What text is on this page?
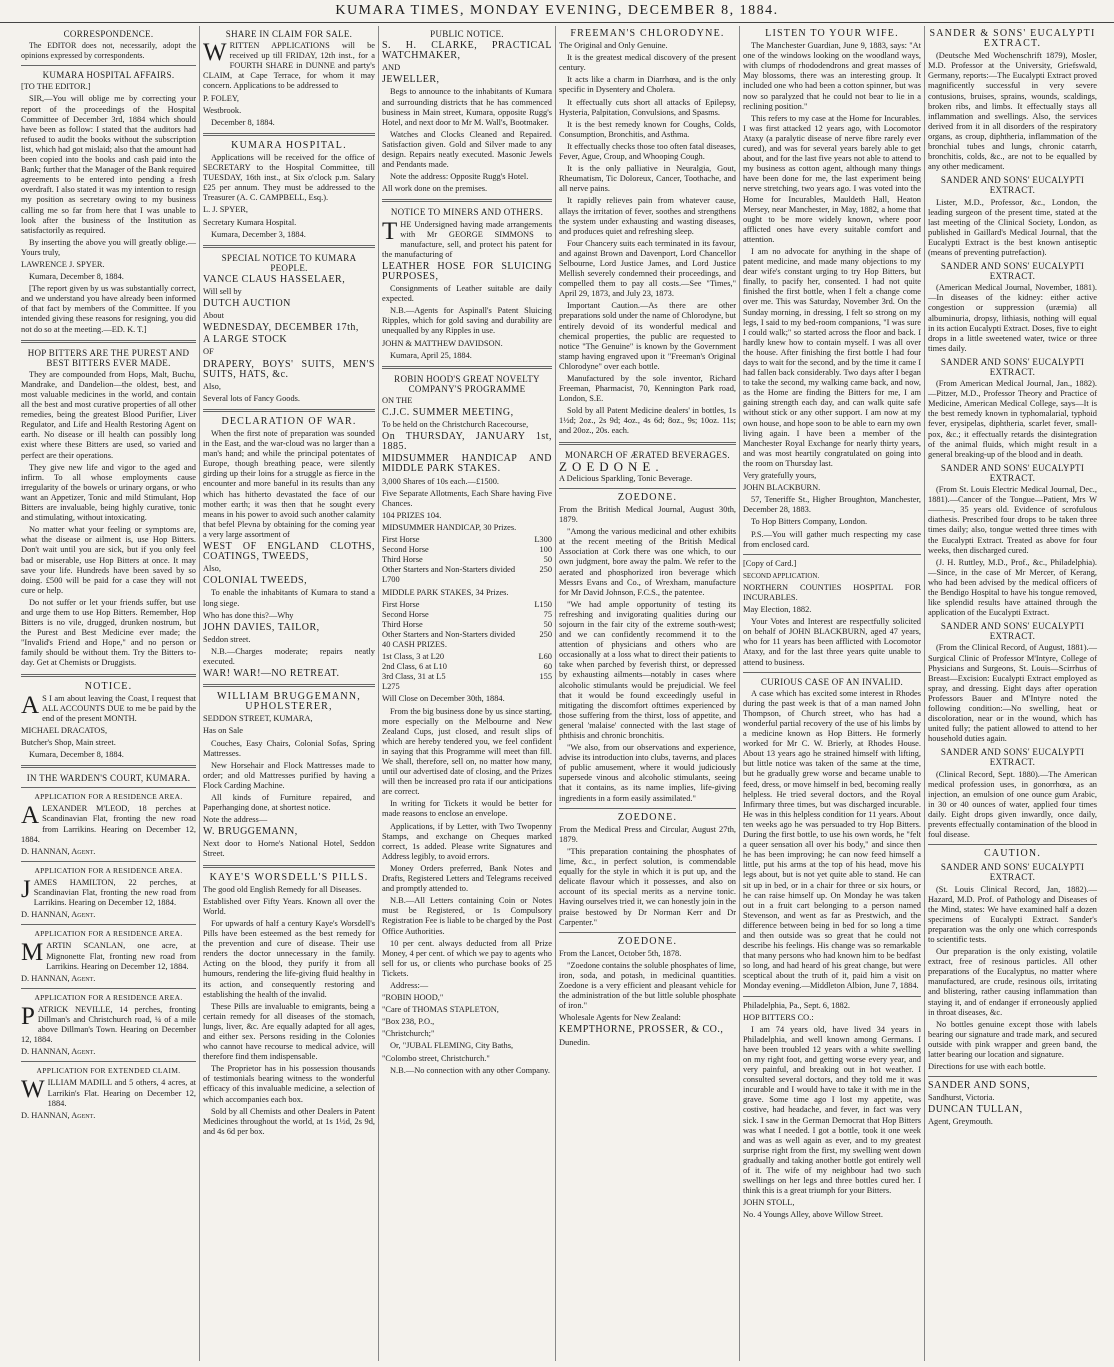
KUMARA TIMES, MONDAY EVENING, DECEMBER 8, 1884.
CORRESPONDENCE.

The EDITOR does not, necessarily, adopt the opinions expressed by correspondents.

KUMARA HOSPITAL AFFAIRS.

[TO THE EDITOR.]

SIR,—You will oblige me by correcting your report of the proceedings of the Hospital Committee of December 3rd, 1884 which should have been as follow: I stated that the auditors had refused to audit the books without the subscription list, which had got mislaid; also that the amount had been copied into the books and cash paid into the Bank; further that the Manager of the Bank required agreements to be entered into pending a fresh overdraft. I also stated it was my intention to resign my position as secretary owing to my business calling me so far from here that I was unable to look after the business of the Institution as satisfactorily as required.

By inserting the above you will greatly oblige.—Yours truly,

LAWRENCE J. SPYER.

Kumara, December 8, 1884.

[The report given by us was substantially correct, and we understand you have already been informed of that fact by members of the Committee. If you intended giving these reasons for resigning, you did not do so at the meeting.—ED. K. T.]

HOP BITTERS ARE THE PUREST AND BEST BITTERS EVER MADE.

They are compounded from Hops, Malt, Buchu, Mandrake, and Dandelion—the oldest, best, and most valuable medicines in the world, and contain all the best and most curative properties of all other remedies, being the greatest Blood Purifier, Liver Regulator, and Life and Health Restoring Agent on earth. No disease or ill health can possibly long exist where these Bitters are used, so varied and perfect are their operations.

They give new life and vigor to the aged and infirm. To all whose employments cause irregularity of the bowels or urinary organs, or who want an Appetizer, Tonic and mild Stimulant, Hop Bitters are invaluable, being highly curative, tonic and stimulating, without intoxicating.

No matter what your feeling or symptoms are, what the disease or ailment is, use Hop Bitters. Don't wait until you are sick, but if you only feel bad or miserable, use Hop Bitters at once. It may save your life. Hundreds have been saved by so doing. £500 will be paid for a case they will not cure or help.

Do not suffer or let your friends suffer, but use and urge them to use Hop Bitters. Remember, Hop Bitters is no vile, drugged, drunken nostrum, but the Purest and Best Medicine ever made; the "Invalid's Friend and Hope," and no person or family should be without them. Try the Bitters to-day. Get at Chemists or Druggists.

NOTICE.

AS I am about leaving the Coast, I request that ALL ACCOUNTS DUE to me be paid by the end of the present MONTH.

MICHAEL DRACATOS,

Butcher's Shop, Main street.

Kumara, December 8, 1884.

IN THE WARDEN'S COURT, KUMARA.
APPLICATION FOR A RESIDENCE AREA.

ALEXANDER M'LEOD, 18 perches at Scandinavian Flat, fronting the new road from Larrikins. Hearing on December 12, 1884.

D. HANNAN, Agent.

APPLICATION FOR A RESIDENCE AREA.

JAMES HAMILTON, 22 perches, at Scandinavian Flat, fronting the new road from Larrikins. Hearing on December 12, 1884.

D. HANNAN, Agent.

APPLICATION FOR A RESIDENCE AREA.

MARTIN SCANLAN, one acre, at Mignonette Flat, fronting new road from Larrikins. Hearing on December 12, 1884.

D. HANNAN, Agent.

APPLICATION FOR A RESIDENCE AREA.

PATRICK NEVILLE, 14 perches, fronting Dillman's and Christchurch road, ¼ of a mile above Dillman's Town. Hearing on December 12, 1884.

D. HANNAN, Agent.

APPLICATION FOR EXTENDED CLAIM.

WILLIAM MADILL and 5 others, 4 acres, at Larrikin's Flat. Hearing on December 12, 1884.

D. HANNAN, Agent.

SHARE IN CLAIM FOR SALE.

WRITTEN APPLICATIONS will be received up till FRIDAY, 12th inst., for a FOURTH SHARE in DUNNE and party's CLAIM, at Cape Terrace, for whom it may concern. Applications to be addressed to

P. FOLEY,

Westbrook.

December 8, 1884.

KUMARA HOSPITAL.

Applications will be received for the office of SECRETARY to the Hospital Committee, till TUESDAY, 16th inst., at Six o'clock p.m. Salary £25 per annum. They must be addressed to the Treasurer (A. C. CAMPBELL, Esq.).

L. J. SPYER,

Secretary Kumara Hospital.

Kumara, December 3, 1884.

SPECIAL NOTICE TO KUMARA PEOPLE.

VANCE CLAUS HASSELAER,

Will sell by

DUTCH AUCTION

About

WEDNESDAY, DECEMBER 17th,

A LARGE STOCK

OF

DRAPERY, BOYS' SUITS, MEN'S SUITS, HATS, &c.

Also,

Several lots of Fancy Goods.

DECLARATION OF WAR.

When the first note of preparation was sounded in the East, and the war-cloud was no larger than a man's hand; and while the principal potentates of Europe, though breathing peace, were silently girding up their loins for a struggle as fierce in the encounter and more baneful in its results than any which has hitherto devastated the face of our mother earth; it was then that he sought every means in his power to avoid such another calamity that befel Plevna by obtaining for the coming year a very large assortment of

WEST OF ENGLAND CLOTHS, COATINGS, TWEEDS,

Also,

COLONIAL TWEEDS,

To enable the inhabitants of Kumara to stand a long siege.

Who has done this?—Why

JOHN DAVIES, TAILOR,

Seddon street.

N.B.—Charges moderate; repairs neatly executed.

WAR! WAR!—NO RETREAT.

WILLIAM BRUGGEMANN, UPHOLSTERER,

SEDDON STREET, KUMARA,

Has on Sale

Couches, Easy Chairs, Colonial Sofas, Spring Mattresses.

New Horsehair and Flock Mattresses made to order; and old Mattresses purified by having a Flock Carding Machine.

All kinds of Furniture repaired, and Paperhanging done, at shortest notice.

Note the address—

W. BRUGGEMANN,

Next door to Horne's National Hotel, Seddon Street.

KAYE'S WORSDELL'S PILLS.

The good old English Remedy for all Diseases.

Established over Fifty Years. Known all over the World.

For upwards of half a century Kaye's Worsdell's Pills have been esteemed as the best remedy for the prevention and cure of disease. Their use renders the doctor unnecessary in the family. Acting on the blood, they purify it from all humours, rendering the life-giving fluid healthy in its action, and consequently restoring and establishing the health of the invalid.

These Pills are invaluable to emigrants, being a certain remedy for all diseases of the stomach, lungs, liver, &c. Are equally adapted for all ages, and either sex. Persons residing in the Colonies who cannot have recourse to medical advice, will therefore find them indispensable.

The Proprietor has in his possession thousands of testimonials bearing witness to the wonderful efficacy of this invaluable medicine, a selection of which accompanies each box.

Sold by all Chemists and other Dealers in Patent Medicines throughout the world, at 1s 1½d, 2s 9d, and 4s 6d per box.

PUBLIC NOTICE.

S. H. CLARKE, PRACTICAL WATCHMAKER,

AND

JEWELLER,

Begs to announce to the inhabitants of Kumara and surrounding districts that he has commenced business in Main street, Kumara, opposite Rugg's Hotel, and next door to Mr M. Wall's, Bootmaker.

Watches and Clocks Cleaned and Repaired. Satisfaction given. Gold and Silver made to any design. Repairs neatly executed. Masonic Jewels and Pendants made.

Note the address: Opposite Rugg's Hotel.

All work done on the premises.

NOTICE TO MINERS AND OTHERS.

THE Undersigned having made arrangements with Mr GEORGE SIMMONS to manufacture, sell, and protect his patent for the manufacturing of

LEATHER HOSE FOR SLUICING PURPOSES,

Consignments of Leather suitable are daily expected.

N.B.—Agents for Aspinall's Patent Sluicing Ripples, which for gold saving and durability are unequalled by any Ripples in use.

JOHN & MATTHEW DAVIDSON.

Kumara, April 25, 1884.

ROBIN HOOD'S GREAT NOVELTY COMPANY'S PROGRAMME

ON THE

C.J.C. SUMMER MEETING,

To be held on the Christchurch Racecourse,

On THURSDAY, JANUARY 1st, 1885.

MIDSUMMER HANDICAP AND MIDDLE PARK STAKES.

3,000 Shares of 10s each.—£1500.

Five Separate Allotments, Each Share having Five Chances.

104 PRIZES 104.

MIDSUMMER HANDICAP, 30 Prizes.

First Horse	L300
Second Horse	100
Third Horse	50
Other Starters and Non-Starters divided	250

L700

MIDDLE PARK STAKES, 34 Prizes.

First Horse	L150
Second Horse	75
Third Horse	50
Other Starters and Non-Starters divided	250

40 CASH PRIZES.

1st Class, 3 at L20	L60
2nd Class, 6 at L10	60
3rd Class, 31 at L5	155

L275

Will Close on December 30th, 1884.

From the big business done by us since starting, more especially on the Melbourne and New Zealand Cups, just closed, and result slips of which are hereby tendered you, we feel confident in saying that this Programme will meet than fill. We shall, therefore, sell on, no matter how many, until our advertised date of closing, and the Prizes will then be increased pro rata if our anticipations are correct.

In writing for Tickets it would be better for made reasons to enclose an envelope.

Applications, if by Letter, with Two Twopenny Stamps, and exchange on Cheques marked correct, 1s added. Please write Signatures and Address legibly, to avoid errors.

Money Orders preferred, Bank Notes and Drafts, Registered Letters and Telegrams received and promptly attended to.

N.B.—All Letters containing Coin or Notes must be Registered, or 1s Compulsory Registration Fee is liable to be charged by the Post Office Authorities.

10 per cent. always deducted from all Prize Money, 4 per cent. of which we pay to agents who sell for us, or clients who purchase books of 25 Tickets.

Address:—

"ROBIN HOOD,"

"Care of THOMAS STAPLETON,

"Box 238, P.O.,

"Christchurch;"

Or, "JUBAL FLEMING, City Baths,

"Colombo street, Christchurch."

N.B.—No connection with any other Company.

FREEMAN'S CHLORODYNE.

The Original and Only Genuine.

It is the greatest medical discovery of the present century.

It acts like a charm in Diarrhœa, and is the only specific in Dysentery and Cholera.

It effectually cuts short all attacks of Epilepsy, Hysteria, Palpitation, Convulsions, and Spasms.

It is the best remedy known for Coughs, Colds, Consumption, Bronchitis, and Asthma.

It effectually checks those too often fatal diseases, Fever, Ague, Croup, and Whooping Cough.

It is the only palliative in Neuralgia, Gout, Rheumatism, Tic Doloreux, Cancer, Toothache, and all nerve pains.

It rapidly relieves pain from whatever cause, allays the irritation of fever, soothes and strengthens the system under exhausting and wasting diseases, and produces quiet and refreshing sleep.

Four Chancery suits each terminated in its favour, and against Brown and Davenport, Lord Chancellor Selbourne, Lord Justice James, and Lord Justice Mellish severely condemned their proceedings, and compelled them to pay all costs.—See "Times," April 29, 1873, and July 23, 1873.

Important Caution.—As there are other preparations sold under the name of Chlorodyne, but entirely devoid of its wonderful medical and chemical properties, the public are requested to notice "The Genuine" is known by the Government stamp having engraved upon it "Freeman's Original Chlorodyne" over each bottle.

Manufactured by the sole inventor, Richard Freeman, Pharmacist, 70, Kennington Park road, London, S.E.

Sold by all Patent Medicine dealers' in bottles, 1s 1½d; 2oz., 2s 9d; 4oz., 4s 6d; 8oz., 9s; 10oz. 11s; and 20oz., 20s. each.

MONARCH OF ÆRATED BEVERAGES.

ZOEDONE.

A Delicious Sparkling, Tonic Beverage.

ZOEDONE.

From the British Medical Journal, August 30th, 1879.

"Among the various medicinal and other exhibits at the recent meeting of the British Medical Association at Cork there was one which, to our own judgment, bore away the palm. We refer to the aerated and phosphorized iron beverage which Messrs Evans and Co., of Wrexham, manufacture for Mr David Johnson, F.C.S., the patentee.

"We had ample opportunity of testing its refreshing and invigorating qualities during our sojourn in the fair city of the extreme south-west; and we can confidently recommend it to the attention of physicians and others who are occasionally at a loss what to direct their patients to take when parched by feverish thirst, or depressed by exhausting ailments—notably in cases where alcoholic stimulants would be prejudicial. We feel that it would be found exceedingly useful in mitigating the discomfort ofttimes experienced by those suffering from the thirst, loss of appetite, and general 'malaise' connected with the last stage of phthisis and chronic bronchitis.

"We also, from our observations and experience, advise its introduction into clubs, taverns, and places of public amusement, where it would judiciously supersede vinous and alcoholic stimulants, seeing that it contains, as its name implies, life-giving ingredients in a form easily assimilated."

ZOEDONE.

From the Medical Press and Circular, August 27th, 1879.

"This preparation containing the phosphates of lime, &c., in perfect solution, is commendable equally for the style in which it is put up, and the delicate flavour which it possesses, and also on account of its special merits as a nervine tonic. Having ourselves tried it, we can honestly join in the praise bestowed by Dr Norman Kerr and Dr Carpenter."

ZOEDONE.

From the Lancet, October 5th, 1878.

"Zoedone contains the soluble phosphates of lime, iron, soda, and potash, in medicinal quantities. Zoedone is a very efficient and pleasant vehicle for the administration of the but little soluble phosphate of iron."

Wholesale Agents for New Zealand:

KEMPTHORNE, PROSSER, & CO.,

Dunedin.

LISTEN TO YOUR WIFE.

The Manchester Guardian, June 9, 1883, says: "At one of the windows looking on the woodland ways, with clumps of rhododendrons and great masses of May blossoms, there was an interesting group. It included one who had been a cotton spinner, but was now so paralyzed that he could not bear to lie in a reclining position."

This refers to my case at the Home for Incurables. I was first attacked 12 years ago, with Locomotor Ataxy (a paralytic disease of nerve fibre rarely ever cured), and was for several years barely able to get about, and for the last five years not able to attend to my business as cotton agent, although many things have been done for me, the last experiment being nerve stretching, two years ago. I was voted into the Home for Incurables, Mauldeth Hall, Heaton Mersey, near Manchester, in May, 1882, a home that ought to be more widely known, where poor afflicted ones have every suitable comfort and attention.

I am no advocate for anything in the shape of patent medicine, and made many objections to my dear wife's constant urging to try Hop Bitters, but finally, to pacify her, consented. I had not quite finished the first bottle, when I felt a change come over me. This was Saturday, November 3rd. On the Sunday morning, in dressing, I felt so strong on my legs, I said to my bed-room companions, "I was sure I could walk;" so started across the floor and back. I hardly knew how to contain myself. I was all over the house. After finishing the first bottle I had four days to wait for the second, and by the time it came I had fallen back considerably. Two days after I began to take the second, my walking came back, and now, as the Home are finding the Bitters for me, I am gaining strength each day, and can walk quite safe without stick or any other support. I am now at my own house, and hope soon to be able to earn my own living again. I have been a member of the Manchester Royal Exchange for nearly thirty years, and was most heartily congratulated on going into the room on Thursday last.

Very gratefully yours,

JOHN BLACKBURN.

57, Teneriffe St., Higher Broughton, Manchester, December 28, 1883.

To Hop Bitters Company, London.

P.S.—You will gather much respecting my case from enclosed card.

[Copy of Card.]

SECOND APPLICATION.

NORTHERN COUNTIES HOSPITAL FOR INCURABLES.

May Election, 1882.

Your Votes and Interest are respectfully solicited on behalf of JOHN BLACKBURN, aged 47 years, who for 11 years has been afflicted with Locomotor Ataxy, and for the last three years quite unable to attend to business.

CURIOUS CASE OF AN INVALID.

A case which has excited some interest in Rhodes during the past week is that of a man named John Thompson, of Church street, who has had a wonderful partial recovery of the use of his limbs by a medicine known as Hop Bitters. He formerly worked for Mr C. W. Brierly, at Rhodes House. About 13 years ago he strained himself with lifting, but little notice was taken of the same at the time, but he gradually grew worse and became unable to feed, dress, or move himself in bed, becoming really helpless. He tried several doctors, and the Royal Infirmary three times, but was discharged incurable. He was in this helpless condition for 11 years. About ten weeks ago he was persuaded to try Hop Bitters. During the first bottle, to use his own words, he "felt a queer sensation all over his body," and since then he has been improving; he can now feed himself a little, put his arms at the top of his head, move his legs about, but is not yet quite able to stand. He can sit up in bed, or in a chair for three or six hours, or he can raise himself up. On Monday he was taken out in a fruit cart belonging to a person named Stevenson, and went as far as Prestwich, and the difference between being in bed for so long a time and then outside was so great that he could not describe his feelings. His change was so remarkable that many persons who had known him to be bedfast so long, and had heard of his great change, but were sceptical about the truth of it, paid him a visit on Monday evening.—Middleton Albion, June 7, 1884.

Philadelphia, Pa., Sept. 6, 1882.

HOP BITTERS CO.:

I am 74 years old, have lived 34 years in Philadelphia, and well known among Germans. I have been troubled 12 years with a white swelling on my right foot, and getting worse every year, and very painful, and breaking out in hot weather. I consulted several doctors, and they told me it was incurable and I would have to take it with me in the grave. Some time ago I lost my appetite, was costive, had headache, and fever, in fact was very sick. I saw in the German Democrat that Hop Bitters was what I needed. I got a bottle, took it one week and was as well again as ever, and to my greatest surprise right from the first, my swelling went down gradually and taking another bottle got entirely well of it. The wife of my neighbour had two such swellings on her legs and three bottles cured her. I think this is a great triumph for your Bitters.

JOHN STOLL,

No. 4 Youngs Alley, above Willow Street.

SANDER & SONS' EUCALYPTI EXTRACT.

(Deutsche Med Wochenschrift 1879), Mosler, M.D. Professor at the University, Griefswald, Germany, reports:—The Eucalypti Extract proved magnificently successful in very severe contusions, bruises, sprains, wounds, scaldings, broken ribs, and limbs. It effectually stays all inflammation and swellings. Also, the services derived from it in all disorders of the respiratory organs, as croup, diphtheria, inflammation of the bronchial tubes and lungs, chronic catarrh, bronchitis, colds, &c., are not to be equalled by any other medicament.

SANDER AND SONS' EUCALYPTI EXTRACT.

Lister, M.D., Professor, &c., London, the leading surgeon of the present time, stated at the last meeting of the Clinical Society, London, as published in Gaillard's Medical Journal, that the Eucalypti Extract is the best known antiseptic (means of preventing putrefaction).

SANDER AND SONS' EUCALYPTI EXTRACT.

(American Medical Journal, November, 1881).—In diseases of the kidney: either active congestion or suppression (uræmia) all albuminuria, dropsy, lithiasis, nothing will equal in its action Eucalypti Extract. Doses, five to eight drops in a little sweetened water, twice or three times daily.

SANDER AND SONS' EUCALYPTI EXTRACT.

(From American Medical Journal, Jan., 1882).—Pitzer, M.D., Professor Theory and Practice of Medicine, American Medical College, says—It is the best remedy known in typhomalarial, typhoid fever, erysipelas, diphtheria, scarlet fever, small-pox, &c.; it effectually retards the disintegration of the animal fluids, which might result in a general breaking-up of the blood and in death.

SANDER AND SONS' EUCALYPTI EXTRACT.

(From St. Louis Electric Medical Journal, Dec., 1881).—Cancer of the Tongue—Patient, Mrs W———, 35 years old. Evidence of scrofulous diathesis. Prescribed four drops to be taken three times daily; also, tongue wetted three times with the Eucalypti Extract. Treated as above for four weeks, then discharged cured.

(J. H. Ruttley, M.D., Prof., &c., Philadelphia).—Since, in the case of Mr Mercer, of Kerang, who had been advised by the medical officers of the Bendigo Hospital to have his tongue removed, like splendid results have attained through the application of the Eucalypti Extract.

SANDER AND SONS' EUCALYPTI EXTRACT.

(From the Clinical Record, of August, 1881).—Surgical Clinic of Professor M'Intyre, College of Physicians and Surgeons, St. Louis—Scirrhus of Breast—Excision: Eucalypti Extract employed as spray, and dressing. Eight days after operation Professors Bauer and M'Intyre noted the following condition:—No swelling, heat or discoloration, near or in the wound, which has united fully; the patient allowed to attend to her household duties again.

SANDER AND SONS' EUCALYPTI EXTRACT.

(Clinical Record, Sept. 1880).—The American medical profession uses, in gonorrhœa, as an injection, an emulsion of one ounce gum Arabic, in 30 or 40 ounces of water, applied four times daily. Eight drops given inwardly, once daily, prevents effectually contamination of the blood in foul disease.

CAUTION.
SANDER AND SONS' EUCALYPTI EXTRACT.

(St. Louis Clinical Record, Jan, 1882).—Hazard, M.D. Prof. of Pathology and Diseases of the Mind, states: We have examined half a dozen specimens of Eucalypti Extract. Sander's preparation was the only one which corresponds to scientific tests.

Our preparation is the only existing, volatile extract, free of resinous particles. All other preparations of the Eucalyptus, no matter where manufactured, are crude, resinous oils, irritating and blistering, rather causing inflammation than staying it, and of endanger if erroneously applied in throat diseases, &c.

No bottles genuine except those with labels bearing our signature and trade mark, and secured outside with pink wrapper and green band, the latter bearing our location and signature.

Directions for use with each bottle.

SANDER AND SONS,

Sandhurst, Victoria.

DUNCAN TULLAN,

Agent, Greymouth.
